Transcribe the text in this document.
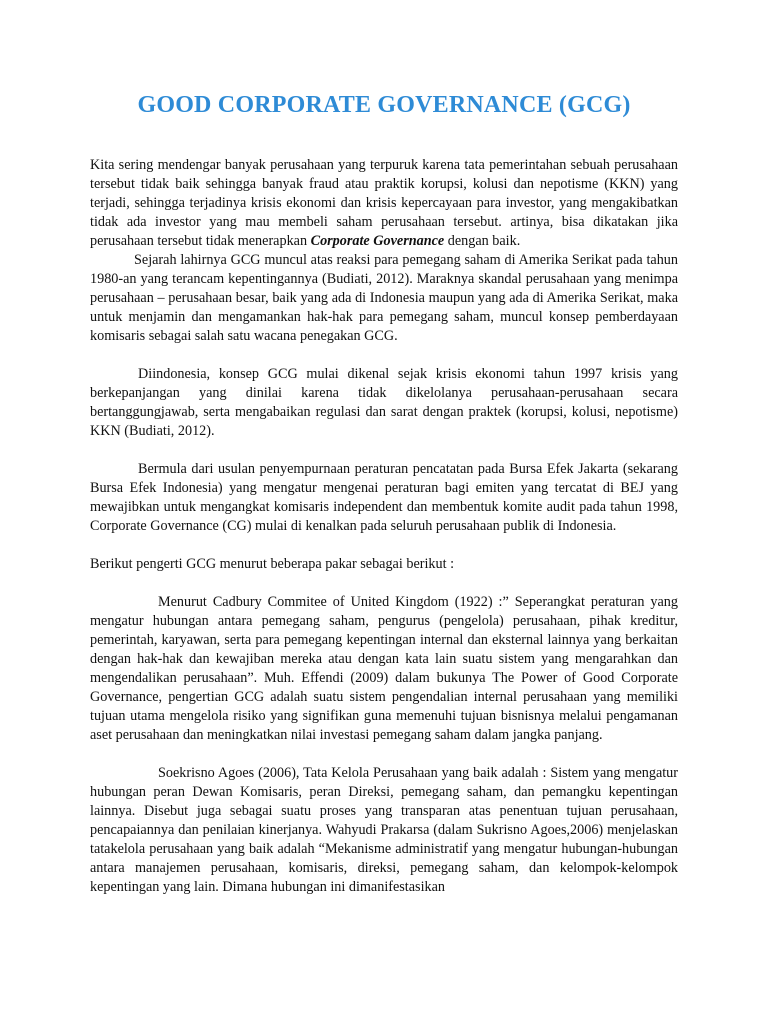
GOOD CORPORATE GOVERNANCE (GCG)

Kita sering mendengar banyak perusahaan yang terpuruk karena tata pemerintahan sebuah perusahaan tersebut tidak baik sehingga banyak fraud atau praktik korupsi, kolusi dan nepotisme (KKN) yang terjadi, sehingga terjadinya krisis ekonomi dan krisis kepercayaan para investor, yang mengakibatkan tidak ada investor yang mau membeli saham perusahaan tersebut. artinya, bisa dikatakan jika perusahaan tersebut tidak menerapkan Corporate Governance dengan baik.

Sejarah lahirnya GCG muncul atas reaksi para pemegang saham di Amerika Serikat pada tahun 1980-an yang terancam kepentingannya (Budiati, 2012). Maraknya skandal perusahaan yang menimpa perusahaan – perusahaan besar, baik yang ada di Indonesia maupun yang ada di Amerika Serikat, maka untuk menjamin dan mengamankan hak-hak para pemegang saham, muncul konsep pemberdayaan komisaris sebagai salah satu wacana penegakan GCG.

Diindonesia, konsep GCG mulai dikenal sejak krisis ekonomi tahun 1997 krisis yang berkepanjangan yang dinilai karena tidak dikelolanya perusahaan-perusahaan secara bertanggungjawab, serta mengabaikan regulasi dan sarat dengan praktek (korupsi, kolusi, nepotisme) KKN (Budiati, 2012).

Bermula dari usulan penyempurnaan peraturan pencatatan pada Bursa Efek Jakarta (sekarang Bursa Efek Indonesia) yang mengatur mengenai peraturan bagi emiten yang tercatat di BEJ yang mewajibkan untuk mengangkat komisaris independent dan membentuk komite audit pada tahun 1998, Corporate Governance (CG) mulai di kenalkan pada seluruh perusahaan publik di Indonesia.

Berikut pengerti GCG menurut beberapa pakar sebagai berikut :

Menurut Cadbury Commitee of United Kingdom (1922) :” Seperangkat peraturan yang mengatur hubungan antara pemegang saham, pengurus (pengelola) perusahaan, pihak kreditur, pemerintah, karyawan, serta para pemegang kepentingan internal dan eksternal lainnya yang berkaitan dengan hak-hak dan kewajiban mereka atau dengan kata lain suatu sistem yang mengarahkan dan mengendalikan perusahaan”. Muh. Effendi (2009) dalam bukunya The Power of Good Corporate Governance, pengertian GCG adalah suatu sistem pengendalian internal perusahaan yang memiliki tujuan utama mengelola risiko yang signifikan guna memenuhi tujuan bisnisnya melalui pengamanan aset perusahaan dan meningkatkan nilai investasi pemegang saham dalam jangka panjang.

Soekrisno Agoes (2006), Tata Kelola Perusahaan yang baik adalah : Sistem yang mengatur hubungan peran Dewan Komisaris, peran Direksi, pemegang saham, dan pemangku kepentingan lainnya. Disebut juga sebagai suatu proses yang transparan atas penentuan tujuan perusahaan, pencapaiannya dan penilaian kinerjanya. Wahyudi Prakarsa (dalam Sukrisno Agoes,2006) menjelaskan tatakelola perusahaan yang baik adalah “Mekanisme administratif yang mengatur hubungan-hubungan antara manajemen perusahaan, komisaris, direksi, pemegang saham, dan kelompok-kelompok kepentingan yang lain. Dimana hubungan ini dimanifestasikan
